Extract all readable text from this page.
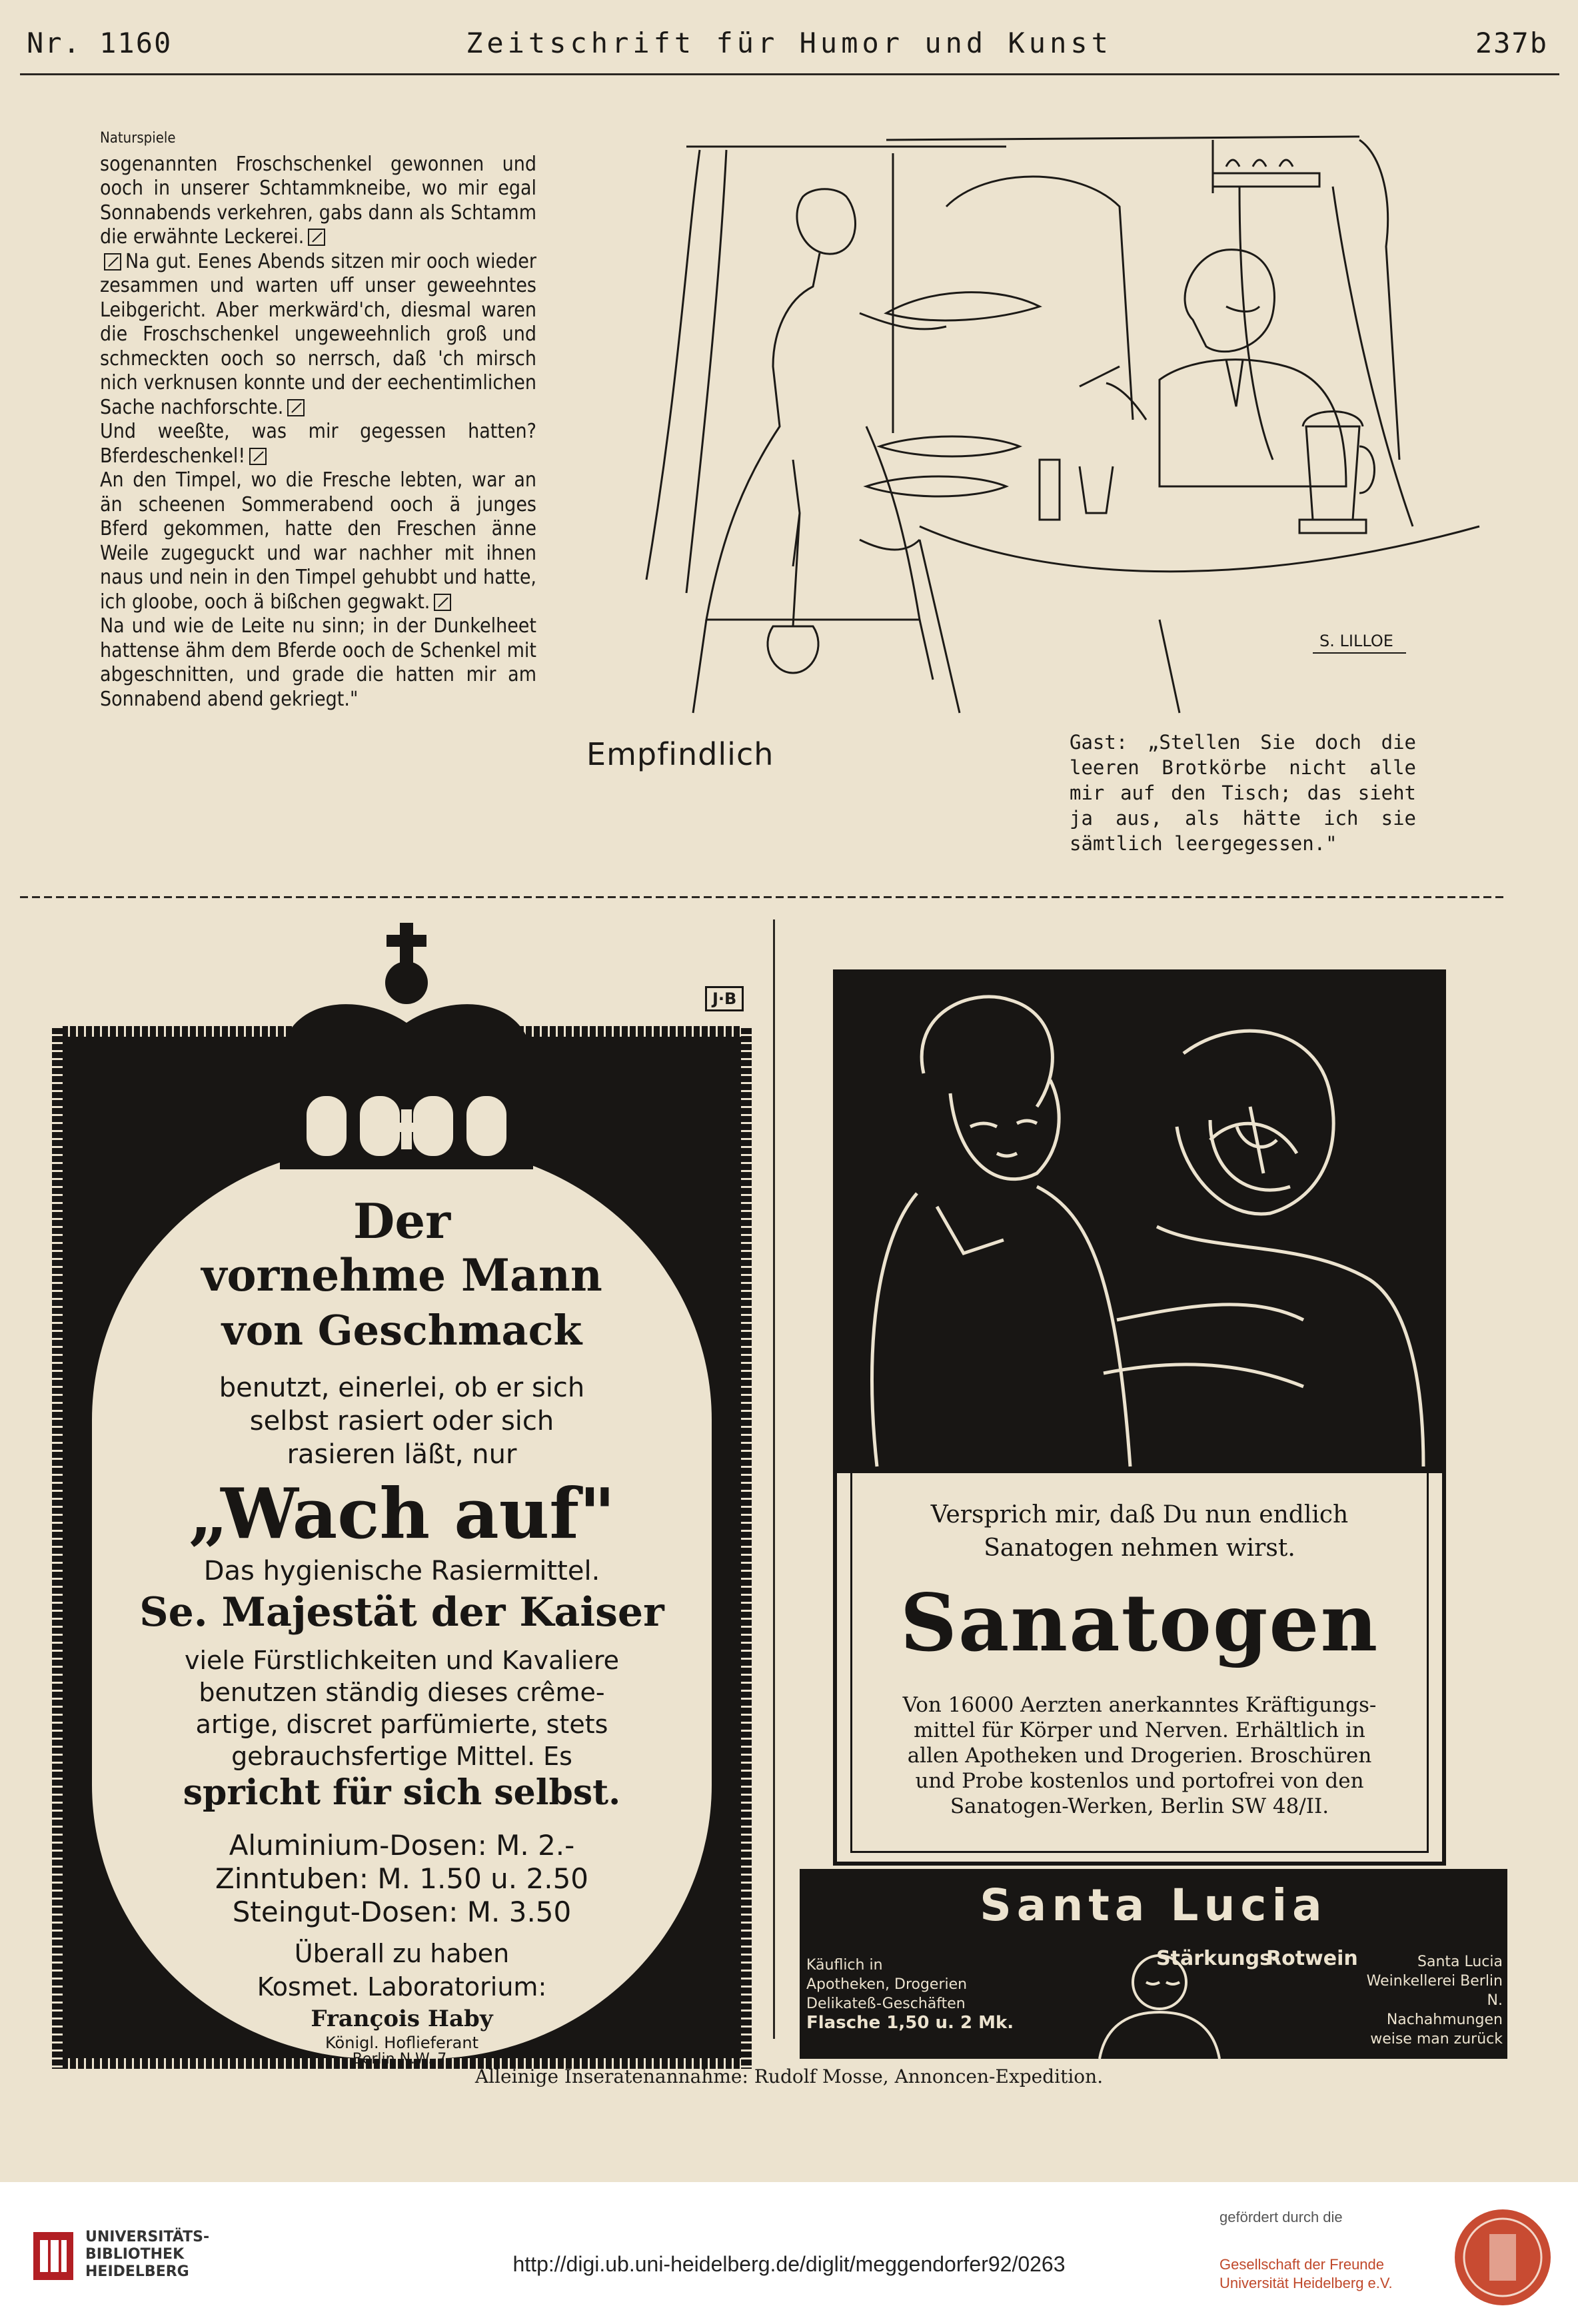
Nr. 1160	Zeitschrift für Humor und Kunst	237b
Naturspiele

sogenannten Froschschenkel gewonnen und ooch in unserer Schtammkneibe, wo mir egal Sonnabends verkehren, gabs dann als Schtamm die erwähnte Leckerei.

Na gut. Eenes Abends sitzen mir ooch wieder zesammen und warten uff unser geweehntes Leibgericht. Aber merkwärd'ch, diesmal waren die Froschschenkel ungeweehnlich groß und schmeckten ooch so nerrsch, daß 'ch mirsch nich verknusen konnte und der eechentimlichen Sache nachforschte.

Und weeßte, was mir gegessen hatten? Bferdeschenkel!

An den Timpel, wo die Fresche lebten, war an än scheenen Sommerabend ooch ä junges Bferd gekommen, hatte den Freschen änne Weile zugeguckt und war nachher mit ihnen naus und nein in den Timpel gehubbt und hatte, ich gloobe, ooch ä bißchen gegwakt.

Na und wie de Leite nu sinn; in der Dunkelheet hattense ähm dem Bferde ooch de Schenkel mit abgeschnitten, und grade die hatten mir am Sonnabend abend gekriegt."

S. LILLOE
Empfindlich	Gast: „Stellen Sie doch die leeren Brotkörbe nicht alle mir auf den Tisch; das sieht ja aus, als hätte ich sie sämtlich leergegessen."
J·B
Der
vornehme Mann
von Geschmack
benutzt, einerlei, ob er sich
selbst rasiert oder sich
rasieren läßt, nur
„Wach auf"
Das hygienische Rasiermittel.
Se. Majestät der Kaiser
viele Fürstlichkeiten und Kavaliere
benutzen ständig dieses crême-
artige, discret parfümierte, stets
gebrauchsfertige Mittel. Es
spricht für sich selbst.
Aluminium-Dosen: M. 2.-
Zinntuben: M. 1.50 u. 2.50
Steingut-Dosen: M. 3.50
Überall zu haben
Kosmet. Laboratorium:
François Haby
Königl. Hoflieferant
Berlin N.W. 7.
Versprich mir, daß Du nun endlich
Sanatogen nehmen wirst.
Sanatogen
Von 16000 Aerzten anerkanntes Kräftigungs-
mittel für Körper und Nerven. Erhältlich in
allen Apotheken und Drogerien. Broschüren
und Probe kostenlos und portofrei von den
Sanatogen-Werken, Berlin SW 48/II.
Santa Lucia
Stärkungs-
Rotwein
Käuflich in
Apotheken, Drogerien
Delikateß-Geschäften
Flasche 1,50 u. 2 Mk.
Santa Lucia
Weinkellerei Berlin N.
Nachahmungen
weise man zurück
Alleinige Inseratenannahme: Rudolf Mosse, Annoncen-Expedition.
UNIVERSITÄTS-
BIBLIOTHEK
HEIDELBERG	http://digi.ub.uni-heidelberg.de/diglit/meggendorfer92/0263
gefördert durch die
Gesellschaft der Freunde
Universität Heidelberg e.V.
